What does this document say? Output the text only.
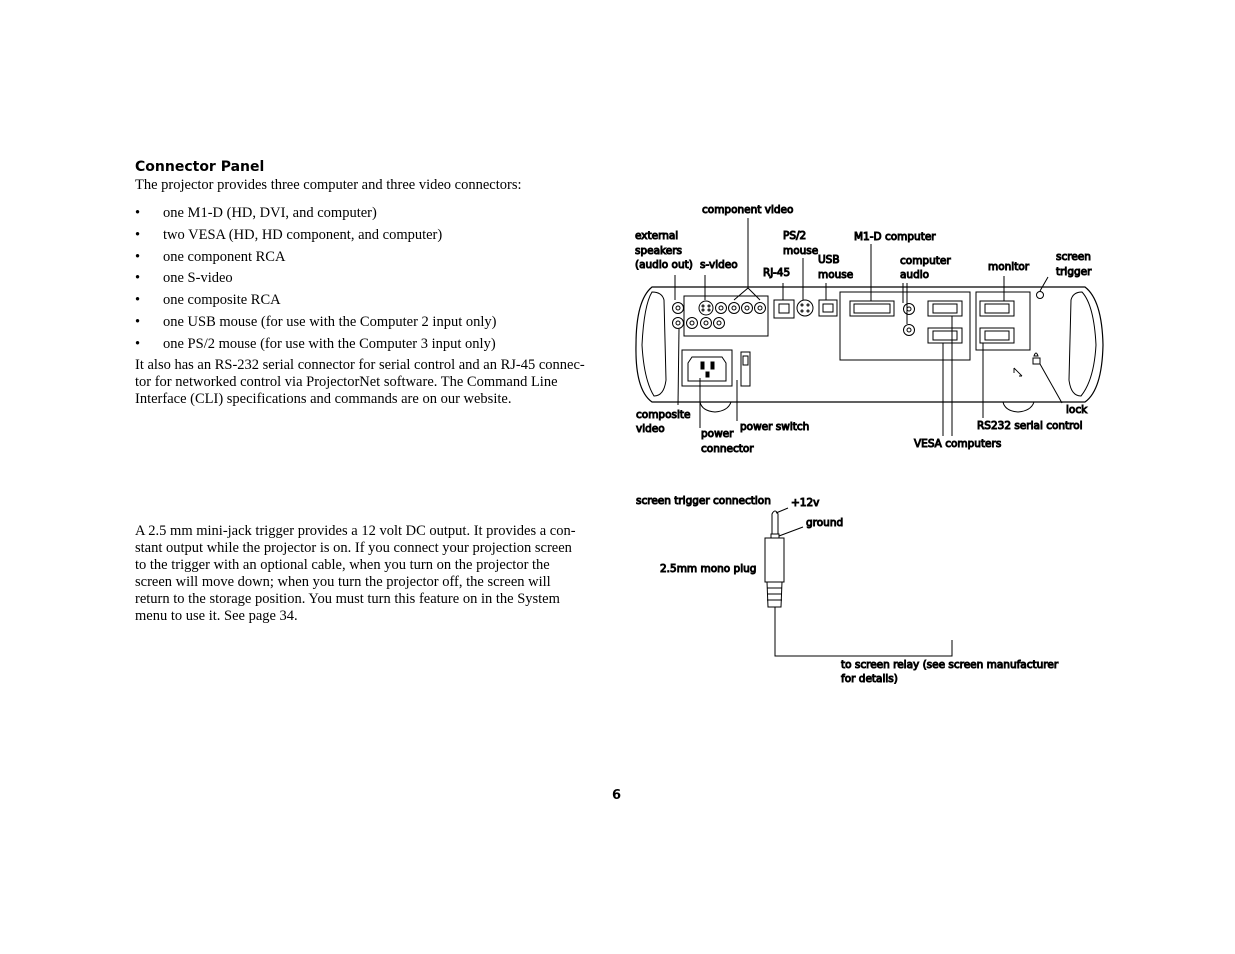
Connector Panel
The projector provides three computer and three video connectors:
• one M1-D (HD, DVI, and computer)
• two VESA (HD, HD component, and computer)
• one component RCA
• one S-video
• one composite RCA
• one USB mouse (for use with the Computer 2 input only)
• one PS/2 mouse (for use with the Computer 3 input only)
It also has an RS-232 serial connector for serial control and an RJ-45 connec-
tor for networked control via ProjectorNet software. The Command Line
Interface (CLI) specifications and commands are on our website.
A 2.5 mm mini-jack trigger provides a 12 volt DC output. It provides a con-
stant output while the projector is on. If you connect your projection screen
to the trigger with an optional cable, when you turn on the projector the
screen will move down; when you turn the projector off, the screen will
return to the storage position. You must turn this feature on in the System
menu to use it. See page 34.
component video
external
speakers
(audio out) s-video
PS/2
mouse
RJ-45
USB
mouse
M1-D computer
computer
audio
monitor
screen
trigger
composite
video	power switch
power
connector	VESA computers
RS232 serial control
lock
screen trigger connection +12v
ground
2.5mm mono plug
to screen relay (see screen manufacturer
for details)
6
